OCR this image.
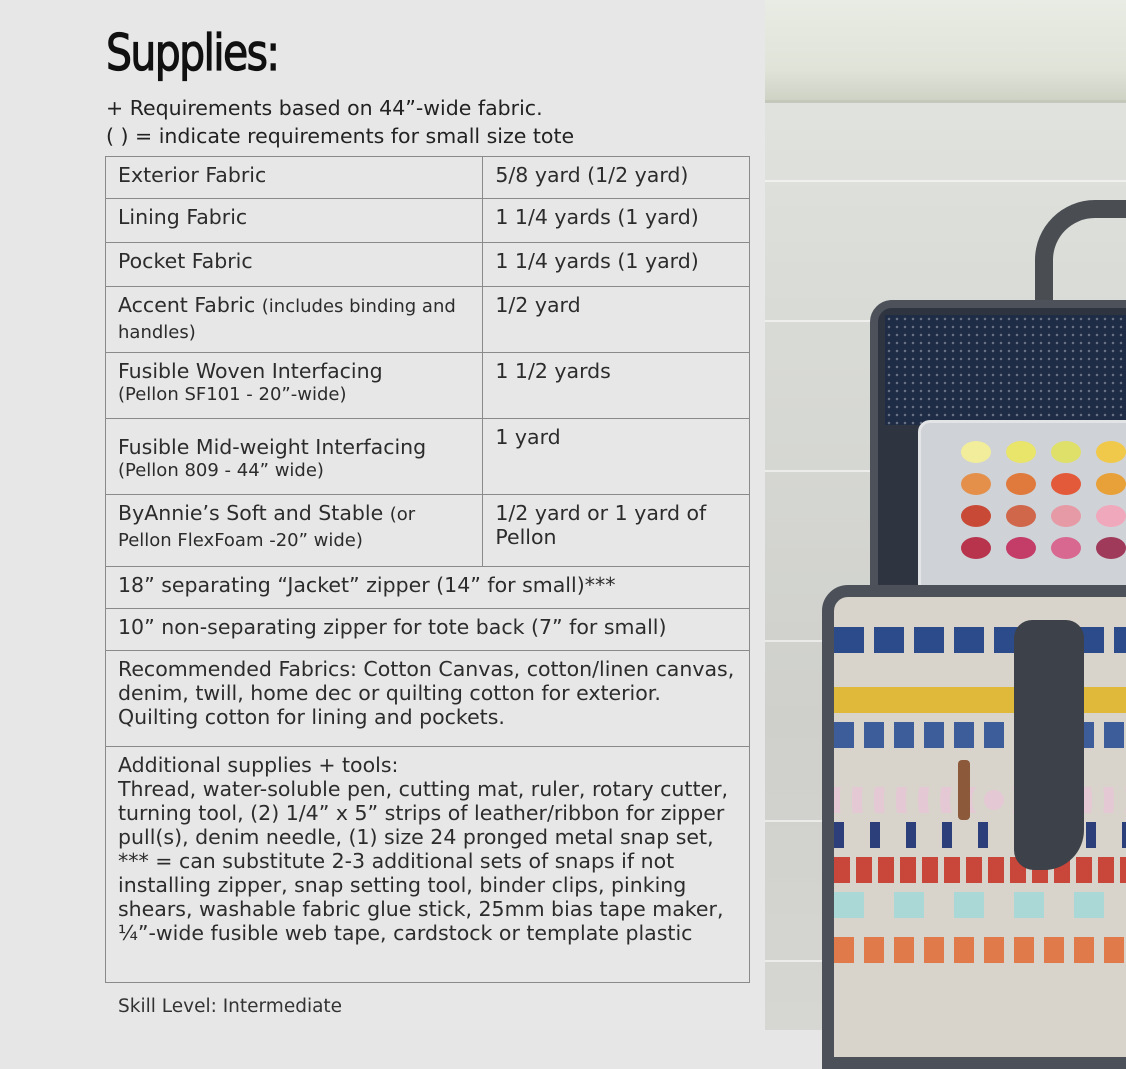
Supplies:
+ Requirements based on 44”-wide fabric.
( ) = indicate requirements for small size tote
Exterior Fabric	5/8 yard (1/2 yard)
Lining Fabric	1 1/4 yards (1 yard)
Pocket Fabric	1 1/4 yards (1 yard)
Accent Fabric (includes binding and handles)	1/2 yard

Fusible Woven Interfacing
(Pellon SF101 - 20”-wide)	1 1/2 yards

Fusible Mid-weight Interfacing
(Pellon 809 - 44” wide)	1 yard
ByAnnie’s Soft and Stable (or Pellon FlexFoam -20” wide)	1/2 yard or 1 yard of Pellon
18” separating “Jacket” zipper (14” for small)***	
10” non-separating zipper for tote back (7” for small)	
Recommended Fabrics: Cotton Canvas, cotton/linen canvas, denim, twill, home dec or quilting cotton for exterior. Quilting cotton for lining and pockets.	

Additional supplies + tools:
Thread, water-soluble pen, cutting mat, ruler, rotary cutter, turning tool, (2) 1/4” x 5” strips of leather/ribbon for zipper pull(s), denim needle, (1) size 24 pronged metal snap set, *** = can substitute 2-3 additional sets of snaps if not installing zipper, snap setting tool, binder clips, pinking shears, washable fabric glue stick, 25mm bias tape maker, ¼”-wide fusible web tape, cardstock or template plastic	
Skill Level: Intermediate
